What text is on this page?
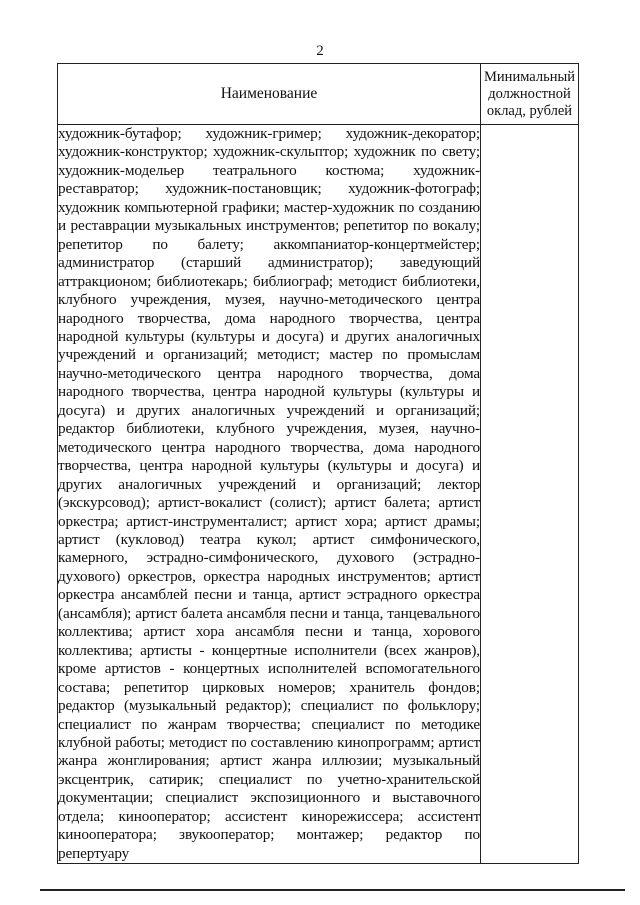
2
Наименование	Минимальный должностной оклад, рублей
художник-бутафор; художник-гример; художник-декоратор; художник-конструктор; художник-скульптор; художник по свету; художник-модельер театрального костюма; художник-реставратор; художник-постановщик; художник-фотограф; художник компьютерной графики; мастер-художник по созданию и реставрации музыкальных инструментов; репетитор по вокалу; репетитор по балету; аккомпаниатор-концертмейстер; администратор (старший администратор); заведующий аттракционом; библиотекарь; библиограф; методист библиотеки, клубного учреждения, музея, научно-методического центра народного творчества, дома народного творчества, центра народной культуры (культуры и досуга) и других аналогичных учреждений и организаций; методист; мастер по промыслам научно-методического центра народного творчества, дома народного творчества, центра народной культуры (культуры и досуга) и других аналогичных учреждений и организаций; редактор библиотеки, клубного учреждения, музея, научно-методического центра народного творчества, дома народного творчества, центра народной культуры (культуры и досуга) и других аналогичных учреждений и организаций; лектор (экскурсовод); артист-вокалист (солист); артист балета; артист оркестра; артист-инструменталист; артист хора; артист драмы; артист (кукловод) театра кукол; артист симфонического, камерного, эстрадно-симфонического, духового (эстрадно-духового) оркестров, оркестра народных инструментов; артист оркестра ансамблей песни и танца, артист эстрадного оркестра (ансамбля); артист балета ансамбля песни и танца, танцевального коллектива; артист хора ансамбля песни и танца, хорового коллектива; артисты - концертные исполнители (всех жанров), кроме артистов - концертных исполнителей вспомогательного состава; репетитор цирковых номеров; хранитель фондов; редактор (музыкальный редактор); специалист по фольклору; специалист по жанрам творчества; специалист по методике клубной работы; методист по составлению кинопрограмм; артист жанра жонглирования; артист жанра иллюзии; музыкальный эксцентрик, сатирик; специалист по учетно-хранительской документации; специалист экспозиционного и выставочного отдела; кинооператор; ассистент кинорежиссера; ассистент кинооператора; звукооператор; монтажер; редактор по репертуару	
